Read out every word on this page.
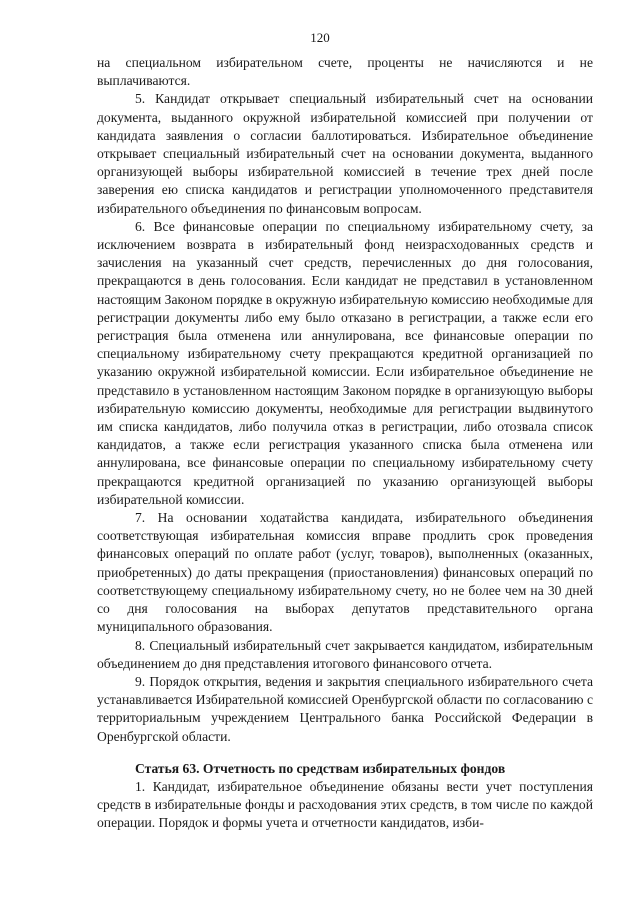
120

на специальном избирательном счете, проценты не начисляются и не выплачиваются.

5. Кандидат открывает специальный избирательный счет на основании документа, выданного окружной избирательной комиссией при получении от кандидата заявления о согласии баллотироваться. Избирательное объединение открывает специальный избирательный счет на основании документа, выданного организующей выборы избирательной комиссией в течение трех дней после заверения ею списка кандидатов и регистрации уполномоченного представителя избирательного объединения по финансовым вопросам.

6. Все финансовые операции по специальному избирательному счету, за исключением возврата в избирательный фонд неизрасходованных средств и зачисления на указанный счет средств, перечисленных до дня голосования, прекращаются в день голосования. Если кандидат не представил в установленном настоящим Законом порядке в окружную избирательную комиссию необходимые для регистрации документы либо ему было отказано в регистрации, а также если его регистрация была отменена или аннулирована, все финансовые операции по специальному избирательному счету прекращаются кредитной организацией по указанию окружной избирательной комиссии. Если избирательное объединение не представило в установленном настоящим Законом порядке в организующую выборы избирательную комиссию документы, необходимые для регистрации выдвинутого им списка кандидатов, либо получила отказ в регистрации, либо отозвала список кандидатов, а также если регистрация указанного списка была отменена или аннулирована, все финансовые операции по специальному избирательному счету прекращаются кредитной организацией по указанию организующей выборы избирательной комиссии.

7. На основании ходатайства кандидата, избирательного объединения соответствующая избирательная комиссия вправе продлить срок проведения финансовых операций по оплате работ (услуг, товаров), выполненных (оказанных, приобретенных) до даты прекращения (приостановления) финансовых операций по соответствующему специальному избирательному счету, но не более чем на 30 дней со дня голосования на выборах депутатов представительного органа муниципального образования.

8. Специальный избирательный счет закрывается кандидатом, избирательным объединением до дня представления итогового финансового отчета.

9. Порядок открытия, ведения и закрытия специального избирательного счета устанавливается Избирательной комиссией Оренбургской области по согласованию с территориальным учреждением Центрального банка Российской Федерации в Оренбургской области.

Статья 63. Отчетность по средствам избирательных фондов

1. Кандидат, избирательное объединение обязаны вести учет поступления средств в избирательные фонды и расходования этих средств, в том числе по каждой операции. Порядок и формы учета и отчетности кандидатов, изби-
